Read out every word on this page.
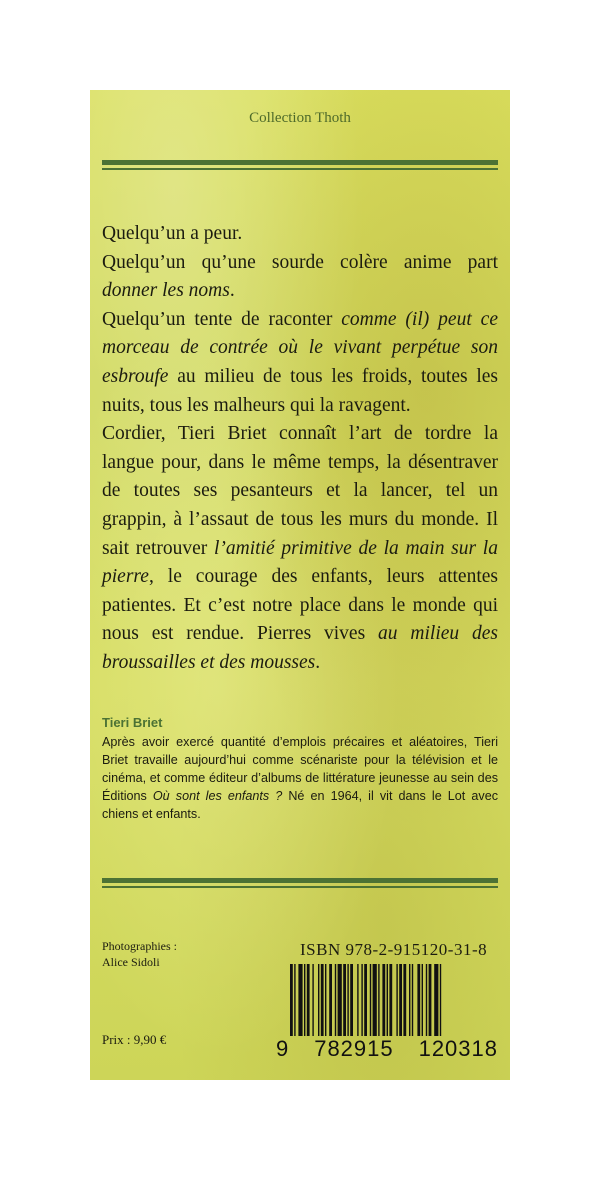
Collection Thoth

Quelqu’un a peur.

Quelqu’un qu’une sourde colère anime part donner les noms.

Quelqu’un tente de raconter comme (il) peut ce morceau de contrée où le vivant perpétue son esbroufe au milieu de tous les froids, toutes les nuits, tous les malheurs qui la ravagent.

Cordier, Tieri Briet connaît l’art de tordre la langue pour, dans le même temps, la désentraver de toutes ses pesanteurs et la lancer, tel un grappin, à l’assaut de tous les murs du monde. Il sait retrouver l’amitié primitive de la main sur la pierre, le courage des enfants, leurs attentes patientes. Et c’est notre place dans le monde qui nous est rendue. Pierres vives au milieu des broussailles et des mousses.

Tieri Briet
Après avoir exercé quantité d’emplois précaires et aléatoires, Tieri Briet travaille aujourd’hui comme scénariste pour la télévision et le cinéma, et comme éditeur d’albums de littérature jeunesse au sein des Éditions Où sont les enfants ? Né en 1964, il vit dans le Lot avec chiens et enfants.
Photographies :
Alice Sidoli
Prix : 9,90 €
ISBN 978-2-915120-31-8
9 782915 120318
